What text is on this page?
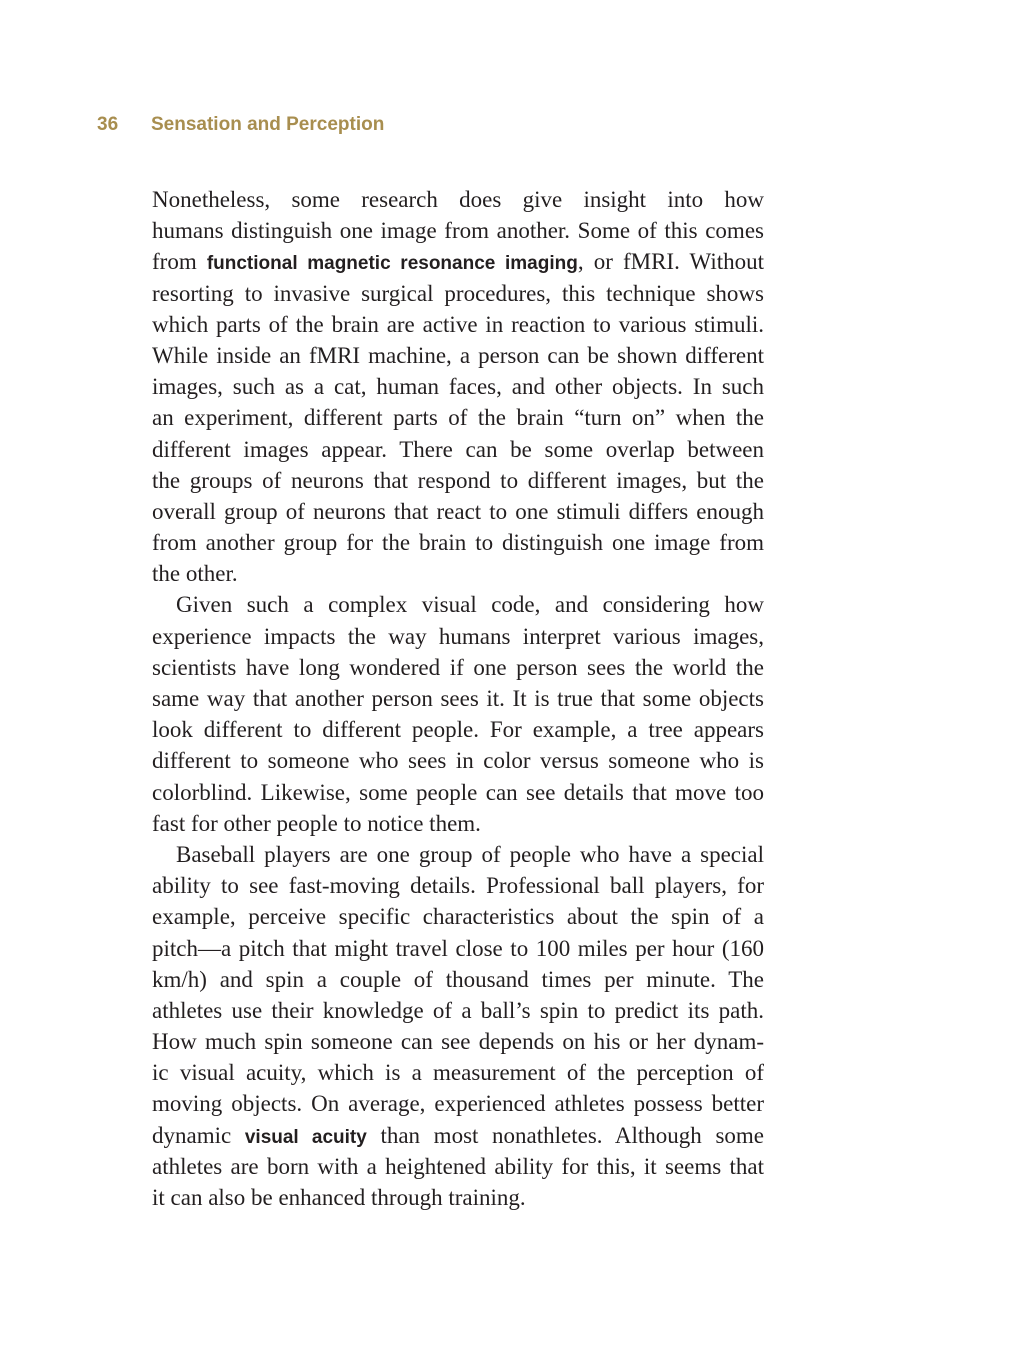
36 Sensation and Perception
Nonetheless, some research does give insight into how
humans distinguish one image from another. Some of this comes
from functional magnetic resonance imaging, or fMRI. Without
resorting to invasive surgical procedures, this technique shows
which parts of the brain are active in reaction to various stimuli.
While inside an fMRI machine, a person can be shown different
images, such as a cat, human faces, and other objects. In such
an experiment, different parts of the brain “turn on” when the
different images appear. There can be some overlap between
the groups of neurons that respond to different images, but the
overall group of neurons that react to one stimuli differs enough
from another group for the brain to distinguish one image from
the other.
Given such a complex visual code, and considering how
experience impacts the way humans interpret various images,
scientists have long wondered if one person sees the world the
same way that another person sees it. It is true that some objects
look different to different people. For example, a tree appears
different to someone who sees in color versus someone who is
colorblind. Likewise, some people can see details that move too
fast for other people to notice them.
Baseball players are one group of people who have a special
ability to see fast-moving details. Professional ball players, for
example, perceive specific characteristics about the spin of a
pitch—a pitch that might travel close to 100 miles per hour (160
km/h) and spin a couple of thousand times per minute. The
athletes use their knowledge of a ball’s spin to predict its path.
How much spin someone can see depends on his or her dynam-
ic visual acuity, which is a measurement of the perception of
moving objects. On average, experienced athletes possess better
dynamic visual acuity than most nonathletes. Although some
athletes are born with a heightened ability for this, it seems that
it can also be enhanced through training.
